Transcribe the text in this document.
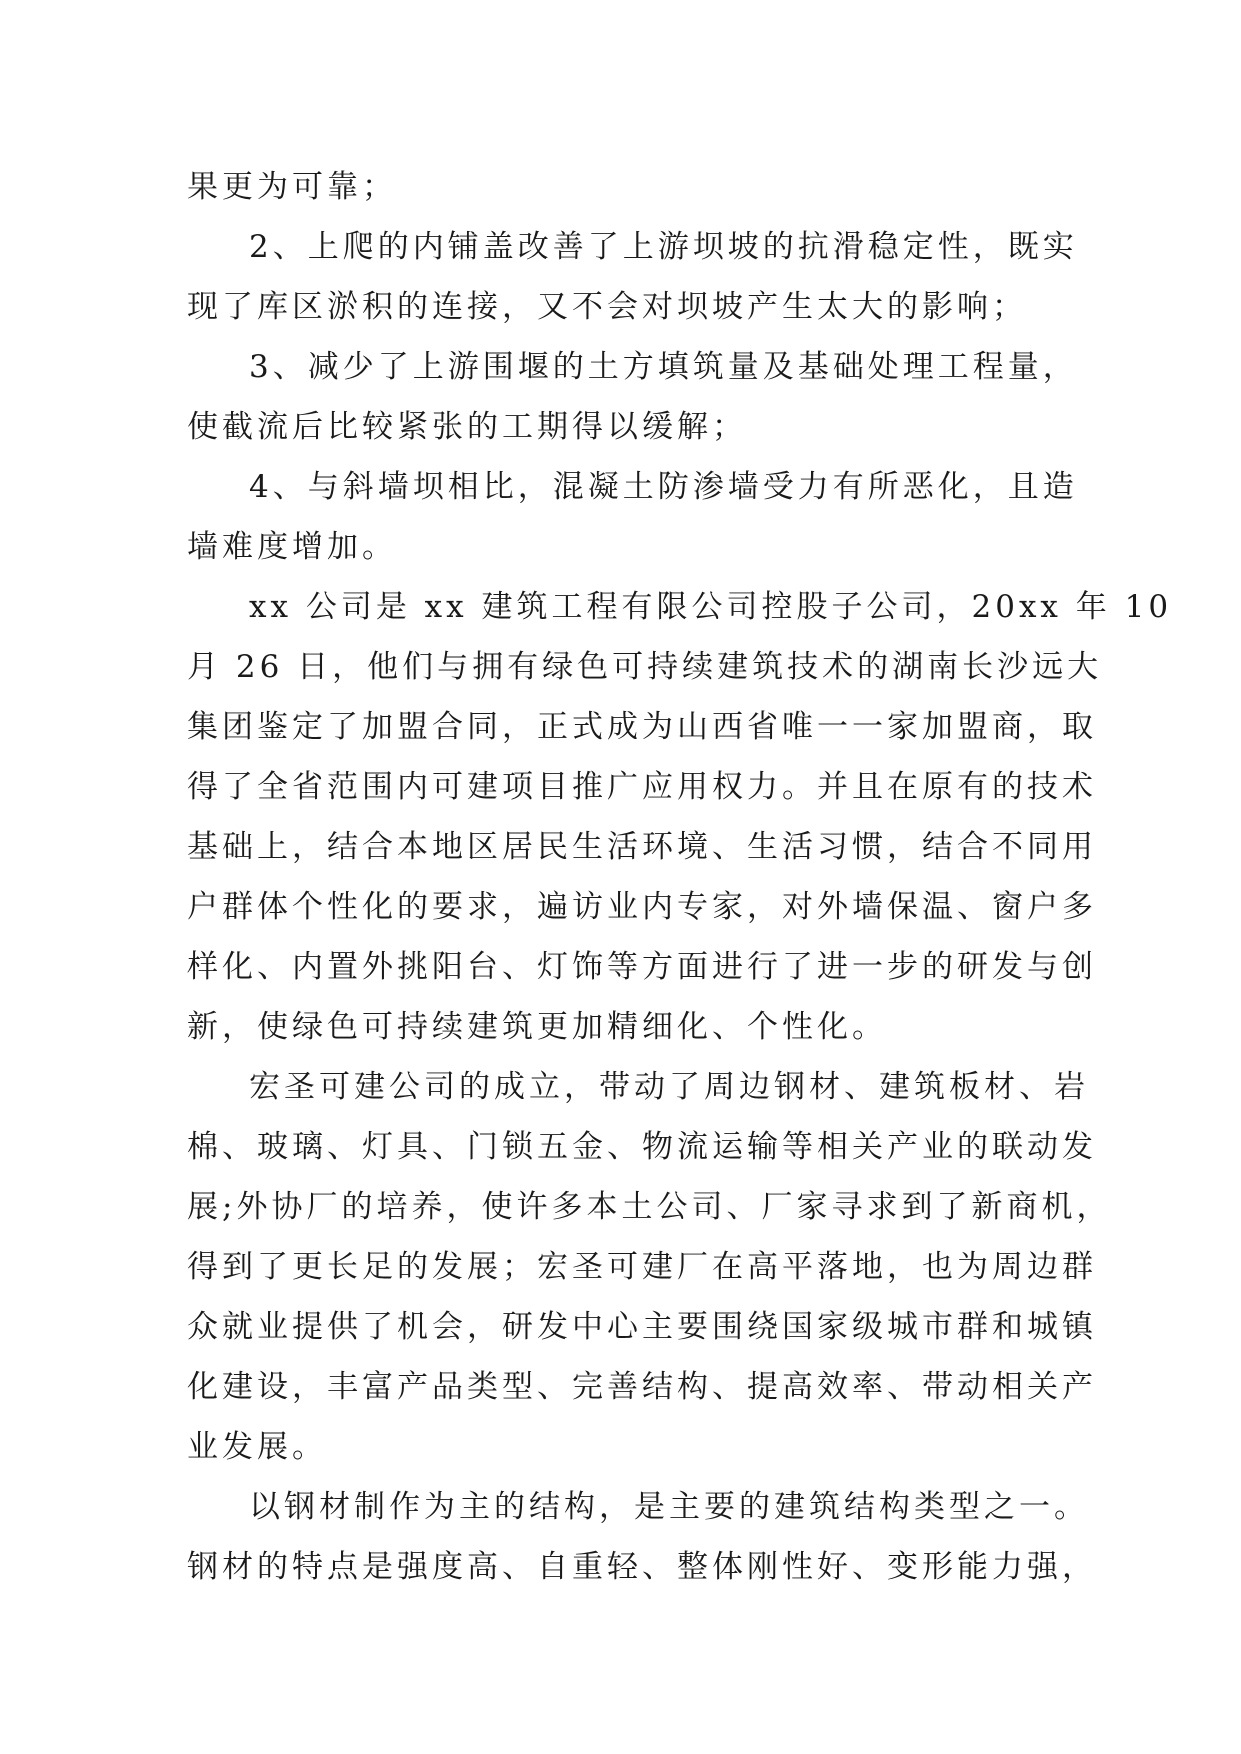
果更为可靠；

2、上爬的内铺盖改善了上游坝坡的抗滑稳定性，既实
现了库区淤积的连接，又不会对坝坡产生太大的影响；

3、减少了上游围堰的土方填筑量及基础处理工程量，
使截流后比较紧张的工期得以缓解；

4、与斜墙坝相比，混凝土防渗墙受力有所恶化，且造
墙难度增加。

xx 公司是 xx 建筑工程有限公司控股子公司，20xx 年 10
月 26 日，他们与拥有绿色可持续建筑技术的湖南长沙远大
集团鉴定了加盟合同，正式成为山西省唯一一家加盟商，取
得了全省范围内可建项目推广应用权力。并且在原有的技术
基础上，结合本地区居民生活环境、生活习惯，结合不同用
户群体个性化的要求，遍访业内专家，对外墙保温、窗户多
样化、内置外挑阳台、灯饰等方面进行了进一步的研发与创
新，使绿色可持续建筑更加精细化、个性化。

宏圣可建公司的成立，带动了周边钢材、建筑板材、岩
棉、玻璃、灯具、门锁五金、物流运输等相关产业的联动发
展;外协厂的培养，使许多本土公司、厂家寻求到了新商机，
得到了更长足的发展；宏圣可建厂在高平落地，也为周边群
众就业提供了机会，研发中心主要围绕国家级城市群和城镇
化建设，丰富产品类型、完善结构、提高效率、带动相关产
业发展。

以钢材制作为主的结构，是主要的建筑结构类型之一。
钢材的特点是强度高、自重轻、整体刚性好、变形能力强，
